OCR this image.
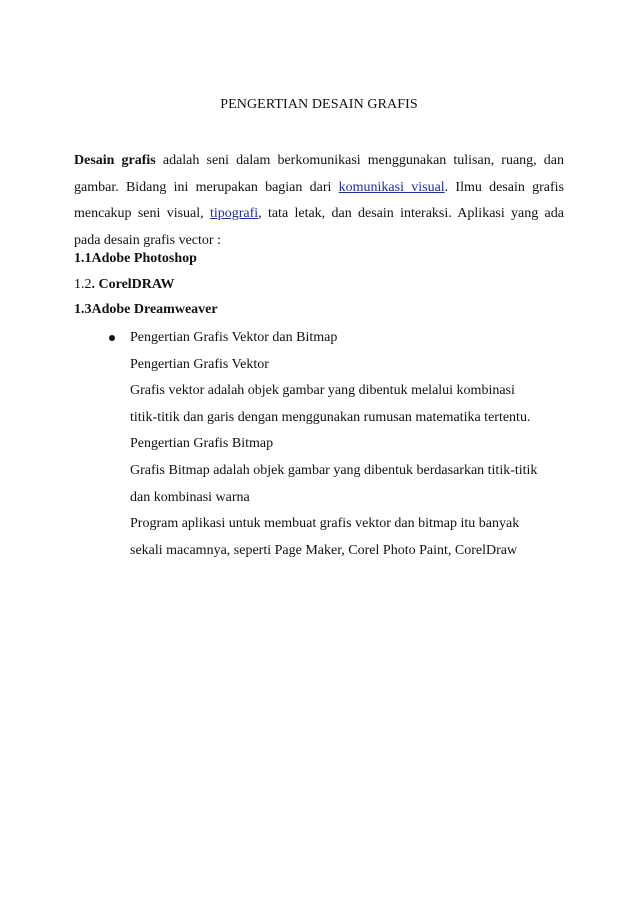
PENGERTIAN DESAIN GRAFIS
Desain grafis adalah seni dalam berkomunikasi menggunakan tulisan, ruang, dan
gambar. Bidang ini merupakan bagian dari komunikasi visual. Ilmu desain grafis
mencakup seni visual, tipografi, tata letak, dan desain interaksi. Aplikasi yang ada
pada desain grafis vector :
1.1Adobe Photoshop
1.2. CorelDRAW
1.3Adobe Dreamweaver
Pengertian Grafis Vektor dan Bitmap
Pengertian Grafis Vektor
Grafis vektor adalah objek gambar yang dibentuk melalui kombinasi
titik-titik dan garis dengan menggunakan rumusan matematika tertentu.
Pengertian Grafis Bitmap
Grafis Bitmap adalah objek gambar yang dibentuk berdasarkan titik-titik
dan kombinasi warna
Program aplikasi untuk membuat grafis vektor dan bitmap itu banyak
sekali macamnya, seperti Page Maker, Corel Photo Paint, CorelDraw
